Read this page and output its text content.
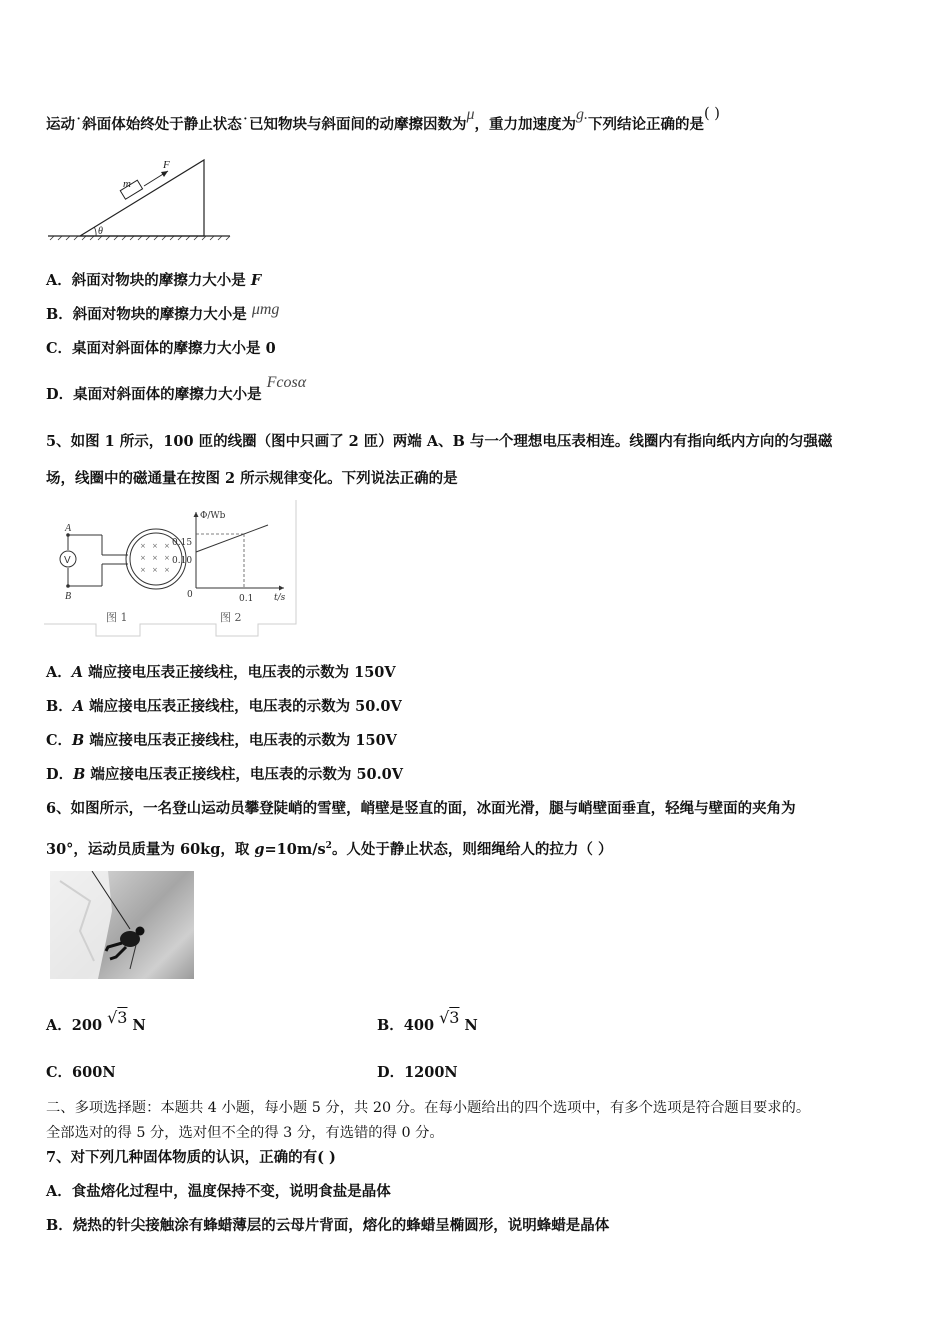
运动˙斜面体始终处于静止状态˙已知物块与斜面间的动摩擦因数为μ，重力加速度为g.下列结论正确的是( )
θ
m
F
A．斜面对物块的摩擦力大小是 F
B．斜面对物块的摩擦力大小是 μmg
C．桌面对斜面体的摩擦力大小是 0
D．桌面对斜面体的摩擦力大小是 Fcosα
5、如图 1 所示，100 匝的线圈（图中只画了 2 匝）两端 A、B 与一个理想电压表相连。线圈内有指向纸内方向的匀强磁
场，线圈中的磁通量在按图 2 所示规律变化。下列说法正确的是
V
× × ×
× × ×
× × ×
A
B
图 1
Φ/Wb
0.15
0.10
0	0.1 t/s
图 2
A．A 端应接电压表正接线柱，电压表的示数为 150V
B．A 端应接电压表正接线柱，电压表的示数为 50.0V
C．B 端应接电压表正接线柱，电压表的示数为 150V
D．B 端应接电压表正接线柱，电压表的示数为 50.0V
6、如图所示，一名登山运动员攀登陡峭的雪壁，峭壁是竖直的面，冰面光滑，腿与峭壁面垂直，轻绳与壁面的夹角为
30°，运动员质量为 60kg，取 $g=10m/s^2$。人处于静止状态，则细绳给人的拉力（ ）
A．200 √3 N	B．400 √3 N
C．600N	D．1200N
二、多项选择题：本题共 4 小题，每小题 5 分，共 20 分。在每小题给出的四个选项中，有多个选项是符合题目要求的。
全部选对的得 5 分，选对但不全的得 3 分，有选错的得 0 分。
7、对下列几种固体物质的认识，正确的有( )
A．食盐熔化过程中，温度保持不变，说明食盐是晶体
B．烧热的针尖接触涂有蜂蜡薄层的云母片背面，熔化的蜂蜡呈椭圆形，说明蜂蜡是晶体
